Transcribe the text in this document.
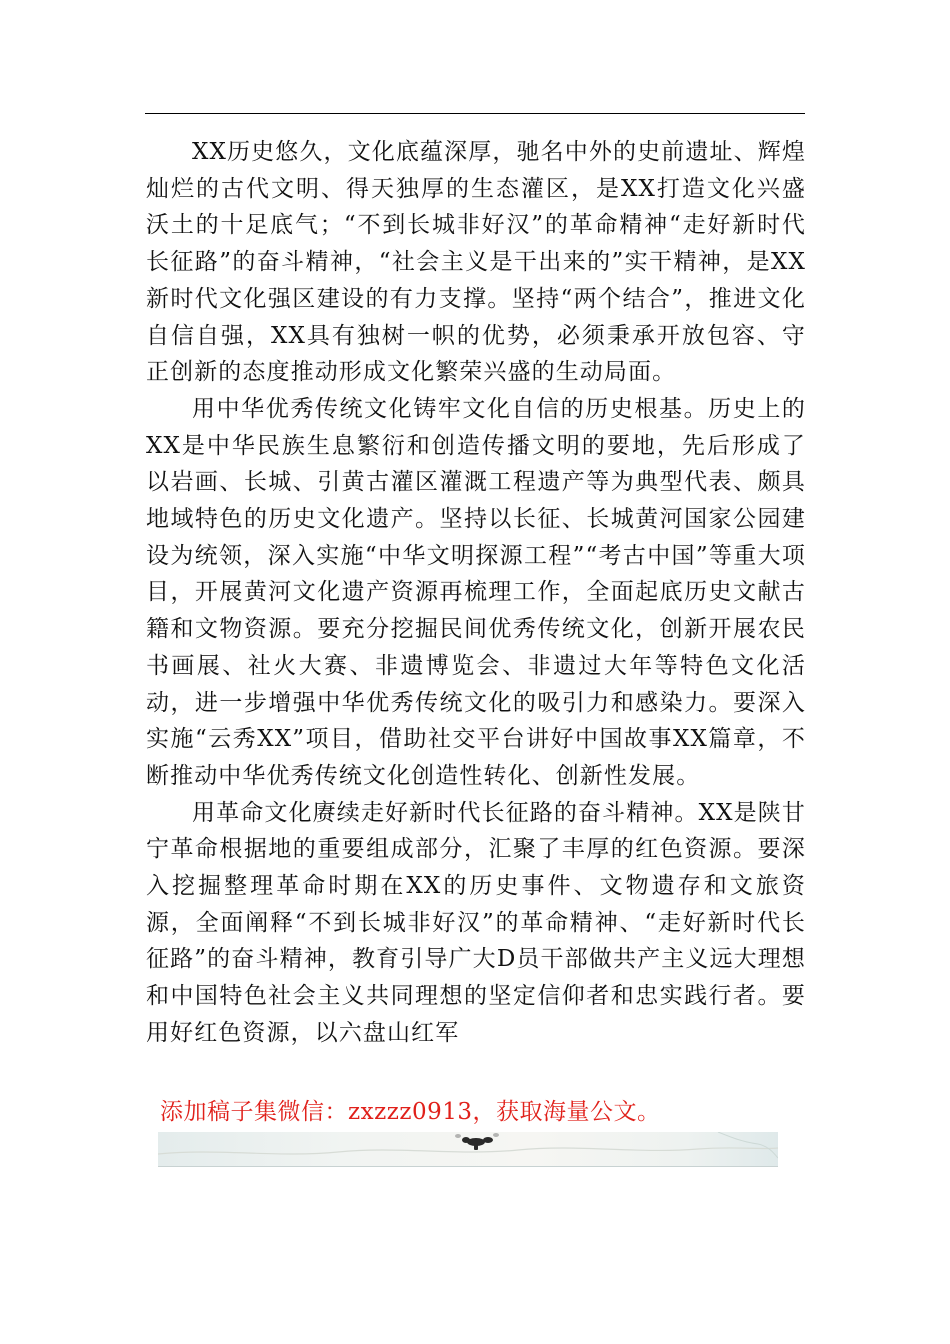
XX历史悠久，文化底蕴深厚，驰名中外的史前遗址、辉煌灿烂的古代文明、得天独厚的生态灌区，是XX打造文化兴盛沃土的十足底气；“不到长城非好汉”的革命精神“走好新时代长征路”的奋斗精神，“社会主义是干出来的”实干精神，是XX新时代文化强区建设的有力支撑。坚持“两个结合”，推进文化自信自强，XX具有独树一帜的优势，必须秉承开放包容、守正创新的态度推动形成文化繁荣兴盛的生动局面。

用中华优秀传统文化铸牢文化自信的历史根基。历史上的XX是中华民族生息繁衍和创造传播文明的要地，先后形成了以岩画、长城、引黄古灌区灌溉工程遗产等为典型代表、颇具地域特色的历史文化遗产。坚持以长征、长城黄河国家公园建设为统领，深入实施“中华文明探源工程”“考古中国”等重大项目，开展黄河文化遗产资源再梳理工作，全面起底历史文献古籍和文物资源。要充分挖掘民间优秀传统文化，创新开展农民书画展、社火大赛、非遗博览会、非遗过大年等特色文化活动，进一步增强中华优秀传统文化的吸引力和感染力。要深入实施“云秀XX”项目，借助社交平台讲好中国故事XX篇章，不断推动中华优秀传统文化创造性转化、创新性发展。

用革命文化赓续走好新时代长征路的奋斗精神。XX是陕甘宁革命根据地的重要组成部分，汇聚了丰厚的红色资源。要深入挖掘整理革命时期在XX的历史事件、文物遗存和文旅资源，全面阐释“不到长城非好汉”的革命精神、“走好新时代长征路”的奋斗精神，教育引导广大D员干部做共产主义远大理想和中国特色社会主义共同理想的坚定信仰者和忠实践行者。要用好红色资源，以六盘山红军

添加稿子集微信：zxzzz0913，获取海量公文。
